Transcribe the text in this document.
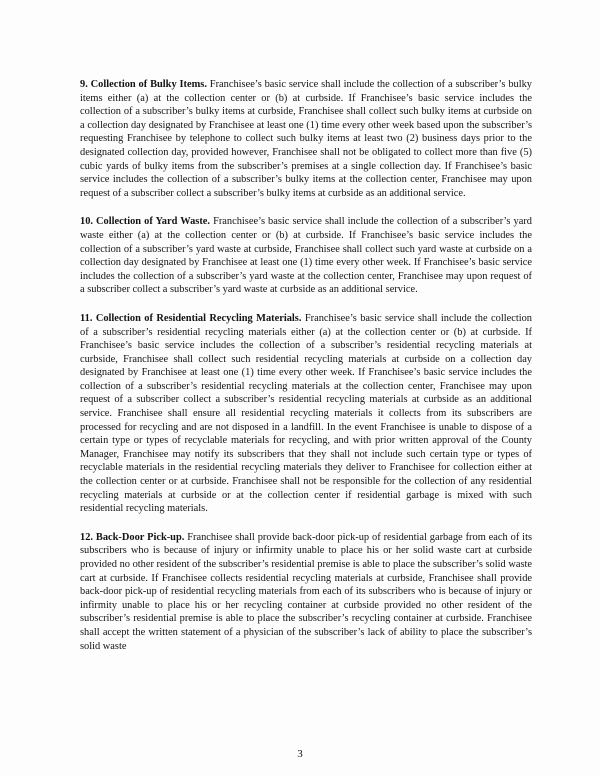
9. Collection of Bulky Items. Franchisee’s basic service shall include the collection of a subscriber’s bulky items either (a) at the collection center or (b) at curbside. If Franchisee’s basic service includes the collection of a subscriber’s bulky items at curbside, Franchisee shall collect such bulky items at curbside on a collection day designated by Franchisee at least one (1) time every other week based upon the subscriber’s requesting Franchisee by telephone to collect such bulky items at least two (2) business days prior to the designated collection day, provided however, Franchisee shall not be obligated to collect more than five (5) cubic yards of bulky items from the subscriber’s premises at a single collection day. If Franchisee’s basic service includes the collection of a subscriber’s bulky items at the collection center, Franchisee may upon request of a subscriber collect a subscriber’s bulky items at curbside as an additional service.

10. Collection of Yard Waste. Franchisee’s basic service shall include the collection of a subscriber’s yard waste either (a) at the collection center or (b) at curbside. If Franchisee’s basic service includes the collection of a subscriber’s yard waste at curbside, Franchisee shall collect such yard waste at curbside on a collection day designated by Franchisee at least one (1) time every other week. If Franchisee’s basic service includes the collection of a subscriber’s yard waste at the collection center, Franchisee may upon request of a subscriber collect a subscriber’s yard waste at curbside as an additional service.

11. Collection of Residential Recycling Materials. Franchisee’s basic service shall include the collection of a subscriber’s residential recycling materials either (a) at the collection center or (b) at curbside. If Franchisee’s basic service includes the collection of a subscriber’s residential recycling materials at curbside, Franchisee shall collect such residential recycling materials at curbside on a collection day designated by Franchisee at least one (1) time every other week. If Franchisee’s basic service includes the collection of a subscriber’s residential recycling materials at the collection center, Franchisee may upon request of a subscriber collect a subscriber’s residential recycling materials at curbside as an additional service. Franchisee shall ensure all residential recycling materials it collects from its subscribers are processed for recycling and are not disposed in a landfill. In the event Franchisee is unable to dispose of a certain type or types of recyclable materials for recycling, and with prior written approval of the County Manager, Franchisee may notify its subscribers that they shall not include such certain type or types of recyclable materials in the residential recycling materials they deliver to Franchisee for collection either at the collection center or at curbside. Franchisee shall not be responsible for the collection of any residential recycling materials at curbside or at the collection center if residential garbage is mixed with such residential recycling materials.

12. Back-Door Pick-up. Franchisee shall provide back-door pick-up of residential garbage from each of its subscribers who is because of injury or infirmity unable to place his or her solid waste cart at curbside provided no other resident of the subscriber’s residential premise is able to place the subscriber’s solid waste cart at curbside. If Franchisee collects residential recycling materials at curbside, Franchisee shall provide back-door pick-up of residential recycling materials from each of its subscribers who is because of injury or infirmity unable to place his or her recycling container at curbside provided no other resident of the subscriber’s residential premise is able to place the subscriber’s recycling container at curbside. Franchisee shall accept the written statement of a physician of the subscriber’s lack of ability to place the subscriber’s solid waste

3
